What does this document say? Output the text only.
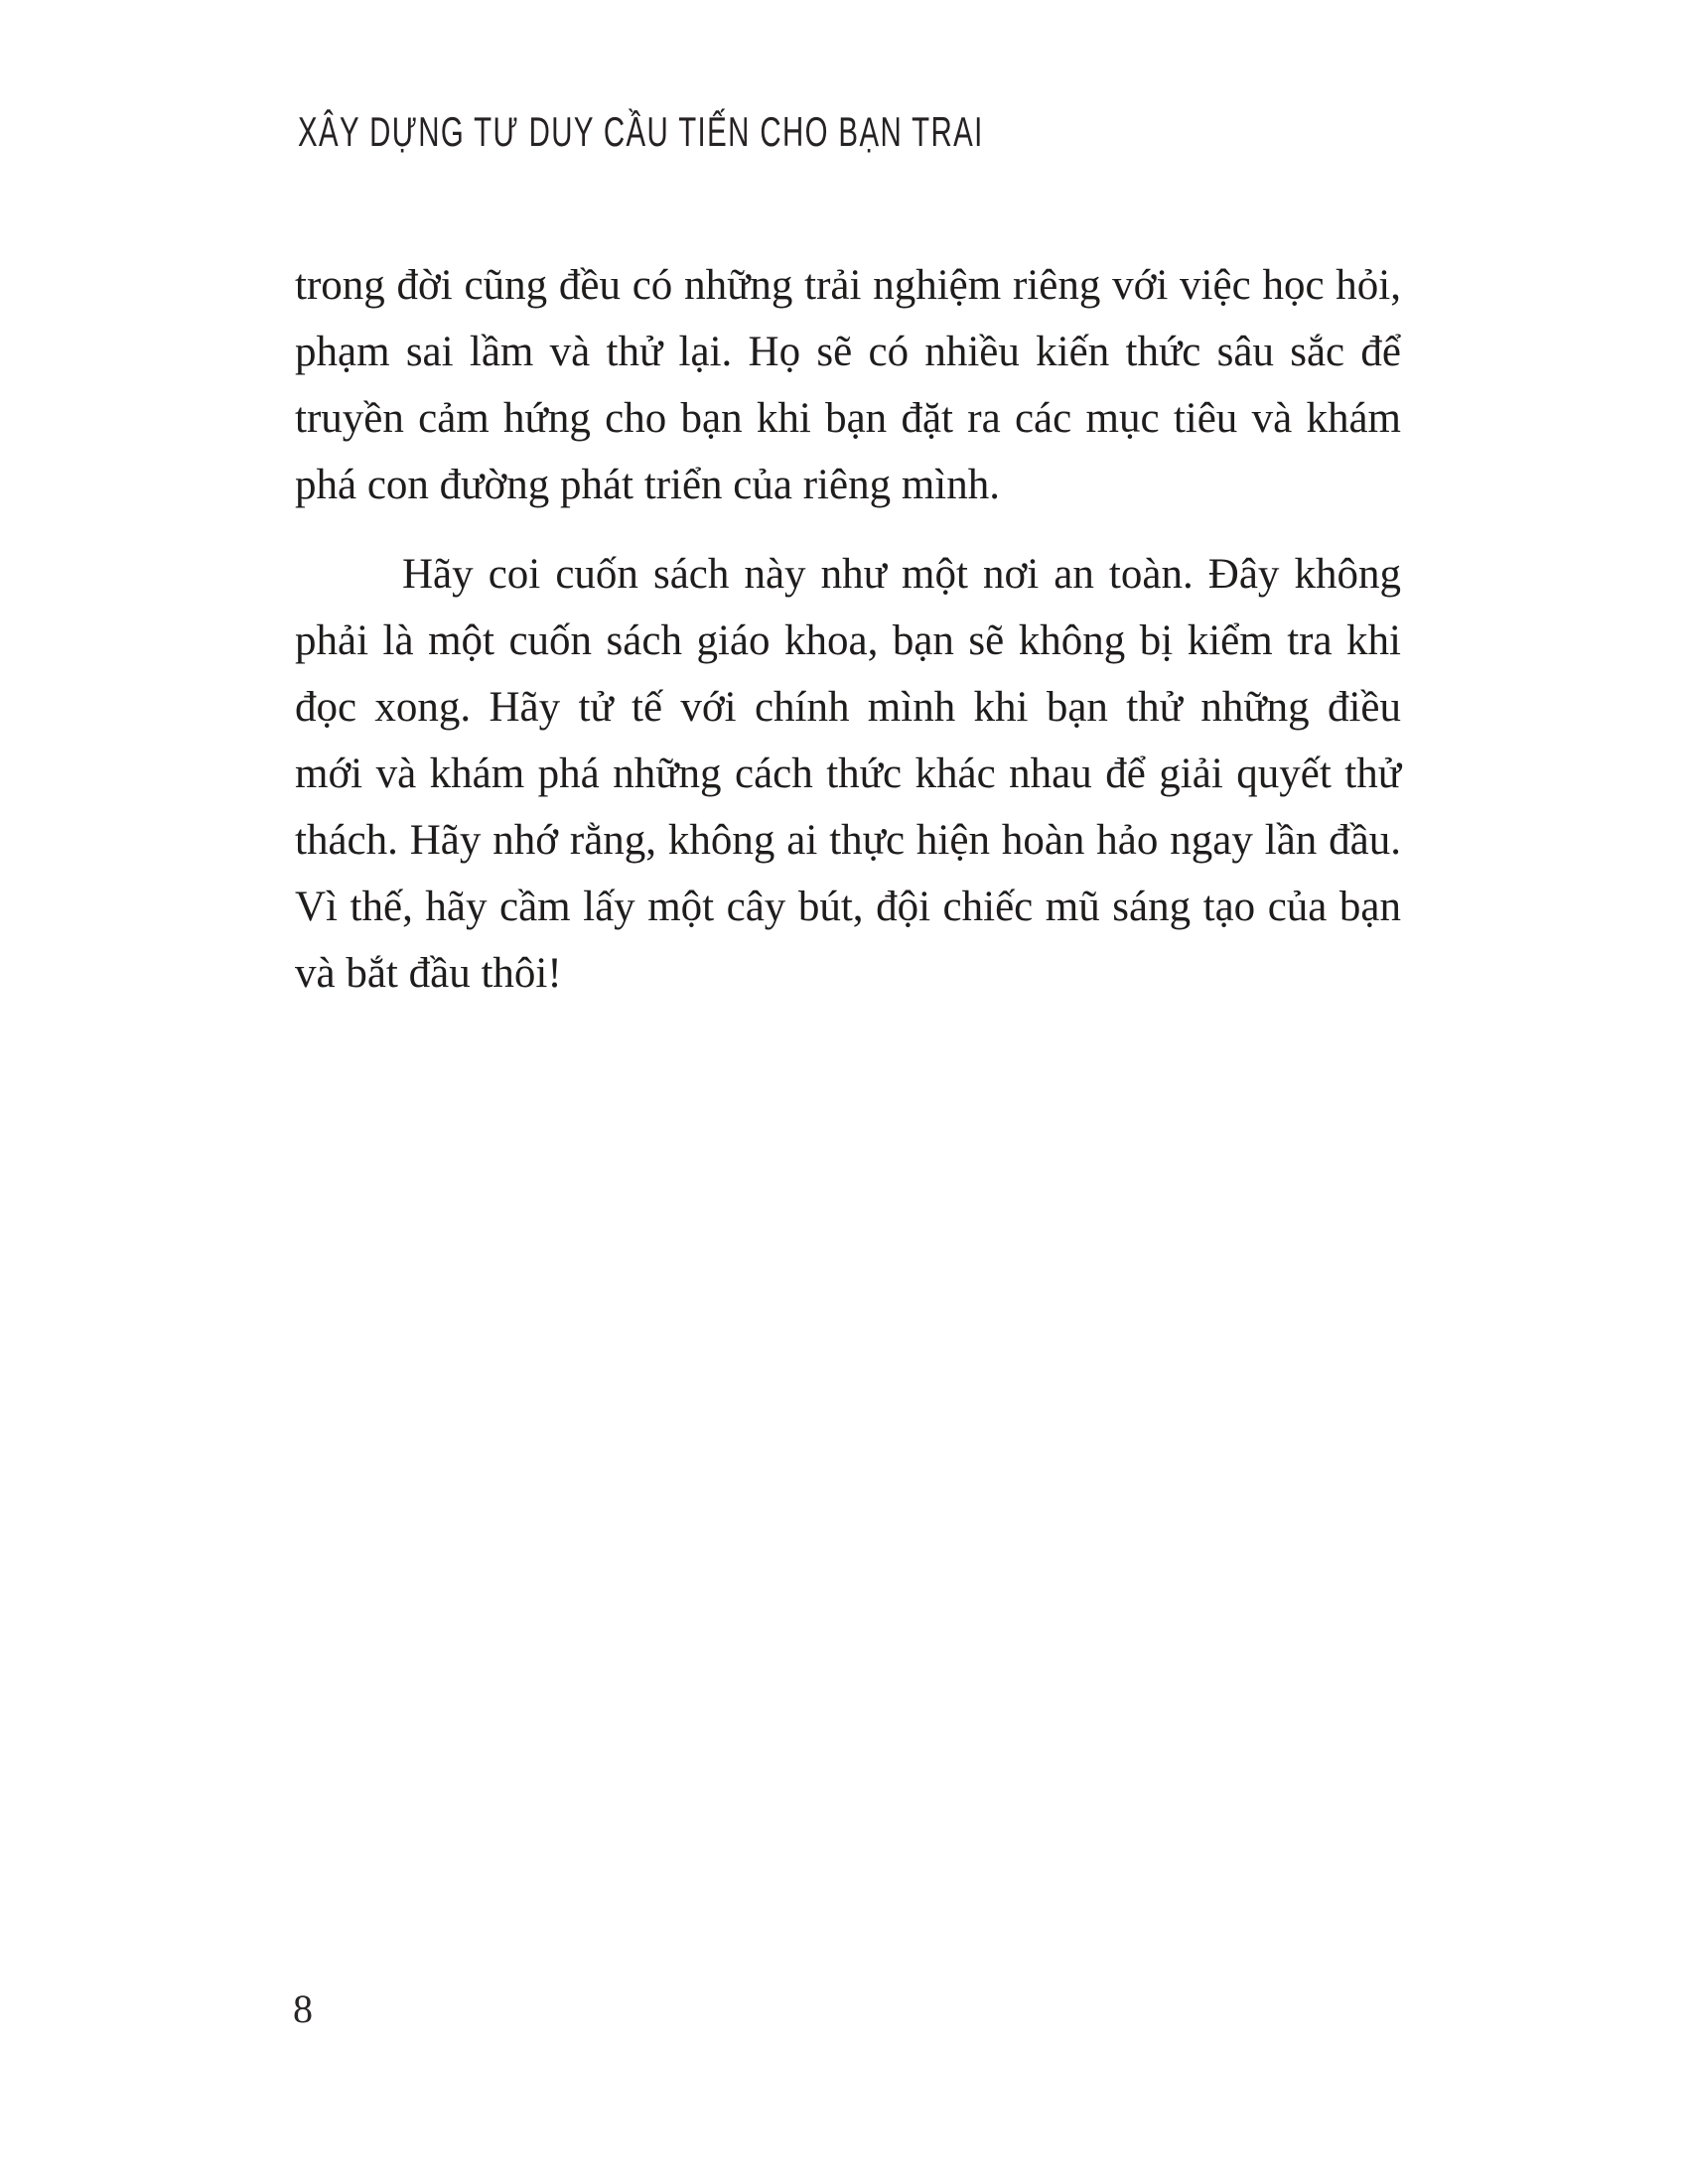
XÂY DỰNG TƯ DUY CẦU TIẾN CHO BẠN TRAI
trong đời cũng đều có những trải nghiệm riêng với việc học hỏi,
phạm sai lầm và thử lại. Họ sẽ có nhiều kiến thức sâu sắc để
truyền cảm hứng cho bạn khi bạn đặt ra các mục tiêu và khám
phá con đường phát triển của riêng mình.
Hãy coi cuốn sách này như một nơi an toàn. Đây không
phải là một cuốn sách giáo khoa, bạn sẽ không bị kiểm tra khi
đọc xong. Hãy tử tế với chính mình khi bạn thử những điều
mới và khám phá những cách thức khác nhau để giải quyết thử
thách. Hãy nhớ rằng, không ai thực hiện hoàn hảo ngay lần đầu.
Vì thế, hãy cầm lấy một cây bút, đội chiếc mũ sáng tạo của bạn
và bắt đầu thôi!
8
